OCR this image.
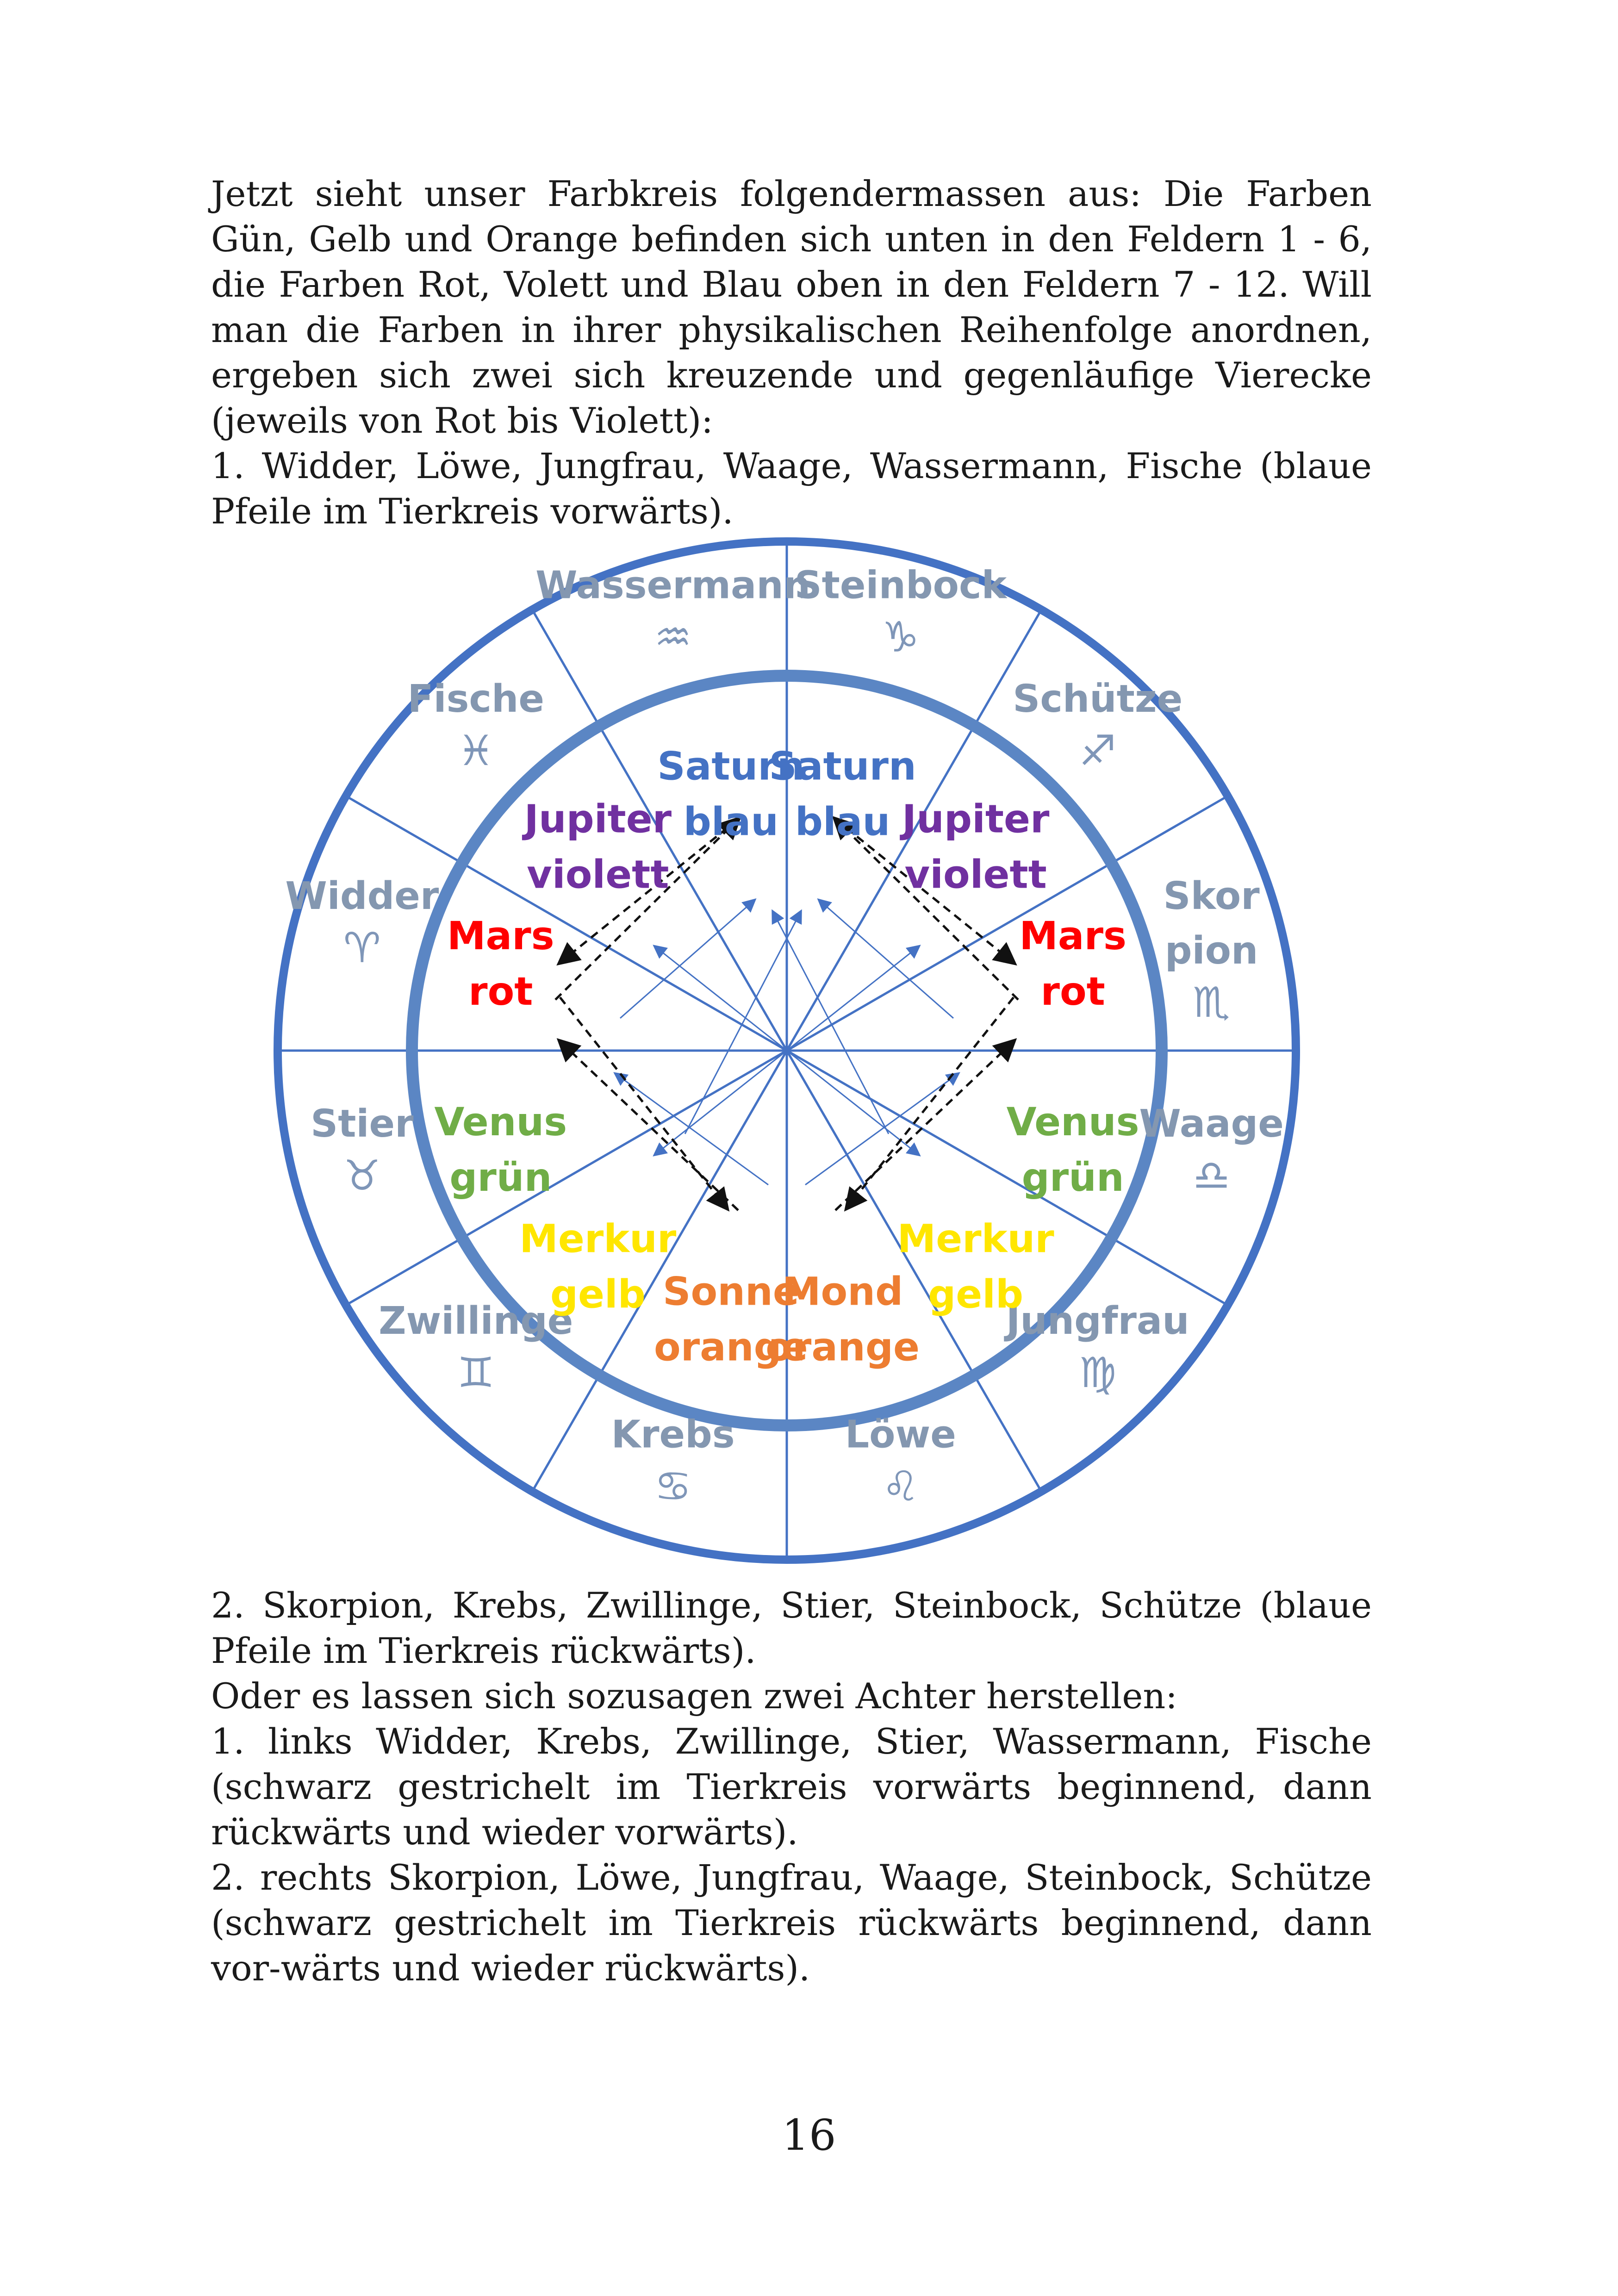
Jetzt sieht unser Farbkreis folgendermassen aus: Die Farben Gün, Gelb und Orange befinden sich unten in den Feldern 1 - 6, die Farben Rot, Volett und Blau oben in den Feldern 7 - 12. Will man die Farben in ihrer physikalischen Reihenfolge anordnen, ergeben sich zwei sich kreuzende und gegenläufige Vierecke (jeweils von Rot bis Violett):

1. Widder, Löwe, Jungfrau, Waage, Wassermann, Fische (blaue Pfeile im Tierkreis vorwärts).

Wassermann
♒
Steinbock
♑
Schütze
♐
Skor
pion
♏
Waage
♎
Jungfrau
♍
Löwe
♌
Krebs
♋
Zwillinge
♊
Stier
♉
Widder
♈
Fische
♓	Saturn
blau
Saturn
blau
Jupiter
violett
Jupiter
violett
Mars
rot
Mars
rot
Venus
grün
Venus
grün
Merkur
gelb
Merkur
gelb
Sonne
orange
Mond
orange

2. Skorpion, Krebs, Zwillinge, Stier, Steinbock, Schütze (blaue Pfeile im Tierkreis rückwärts).

Oder es lassen sich sozusagen zwei Achter herstellen:

1. links Widder, Krebs, Zwillinge, Stier, Wassermann, Fische (schwarz gestrichelt im Tierkreis vorwärts beginnend, dann rückwärts und wieder vorwärts).

2. rechts Skorpion, Löwe, Jungfrau, Waage, Steinbock, Schütze (schwarz gestrichelt im Tierkreis rückwärts beginnend, dann vor-wärts und wieder rückwärts).

16
